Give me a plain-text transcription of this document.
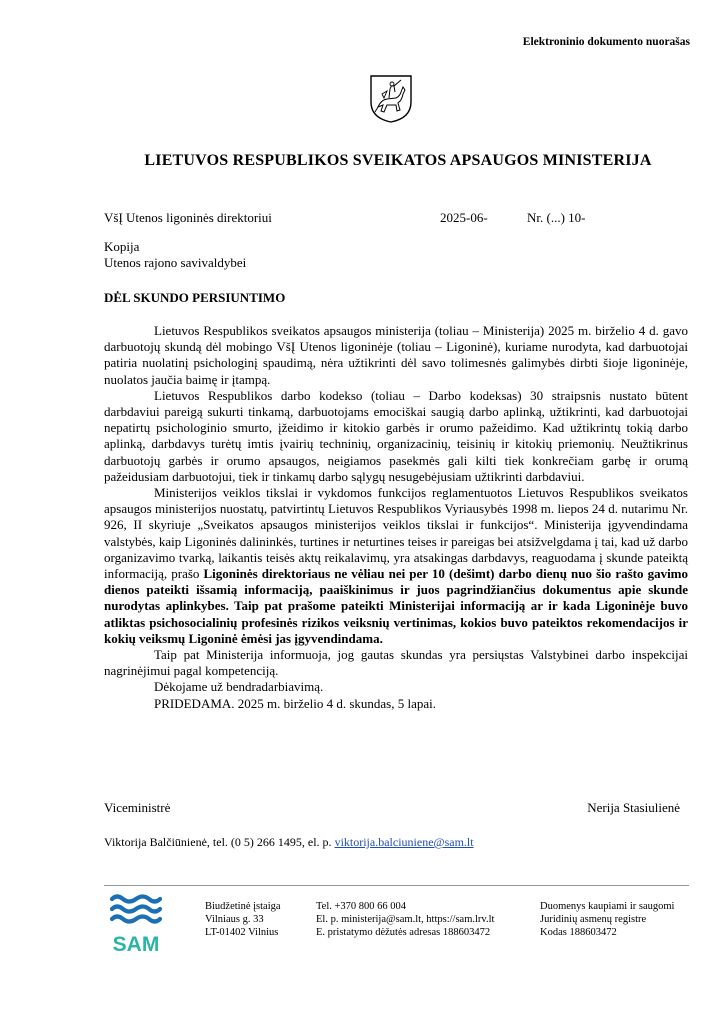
Elektroninio dokumento nuorašas
LIETUVOS RESPUBLIKOS SVEIKATOS APSAUGOS MINISTERIJA
VšĮ Utenos ligoninės direktoriui	2025-06-	Nr. (...) 10-
Kopija
Utenos rajono savivaldybei
DĖL SKUNDO PERSIUNTIMO

Lietuvos Respublikos sveikatos apsaugos ministerija (toliau – Ministerija) 2025 m. birželio 4 d. gavo darbuotojų skundą dėl mobingo VšĮ Utenos ligoninėje (toliau – Ligoninė), kuriame nurodyta, kad darbuotojai patiria nuolatinį psichologinį spaudimą, nėra užtikrinti dėl savo tolimesnės galimybės dirbti šioje ligoninėje, nuolatos jaučia baimę ir įtampą.

Lietuvos Respublikos darbo kodekso (toliau – Darbo kodeksas) 30 straipsnis nustato būtent darbdaviui pareigą sukurti tinkamą, darbuotojams emociškai saugią darbo aplinką, užtikrinti, kad darbuotojai nepatirtų psichologinio smurto, įžeidimo ir kitokio garbės ir orumo pažeidimo. Kad užtikrintų tokią darbo aplinką, darbdavys turėtų imtis įvairių techninių, organizacinių, teisinių ir kitokių priemonių. Neužtikrinus darbuotojų garbės ir orumo apsaugos, neigiamos pasekmės gali kilti tiek konkrečiam garbę ir orumą pažeidusiam darbuotojui, tiek ir tinkamų darbo sąlygų nesugebėjusiam užtikrinti darbdaviui.

Ministerijos veiklos tikslai ir vykdomos funkcijos reglamentuotos Lietuvos Respublikos sveikatos apsaugos ministerijos nuostatų, patvirtintų Lietuvos Respublikos Vyriausybės 1998 m. liepos 24 d. nutarimu Nr. 926, II skyriuje „Sveikatos apsaugos ministerijos veiklos tikslai ir funkcijos“. Ministerija įgyvendindama valstybės, kaip Ligoninės dalininkės, turtines ir neturtines teises ir pareigas bei atsižvelgdama į tai, kad už darbo organizavimo tvarką, laikantis teisės aktų reikalavimų, yra atsakingas darbdavys, reaguodama į skunde pateiktą informaciją, prašo Ligoninės direktoriaus ne vėliau nei per 10 (dešimt) darbo dienų nuo šio rašto gavimo dienos pateikti išsamią informaciją, paaiškinimus ir juos pagrindžiančius dokumentus apie skunde nurodytas aplinkybes. Taip pat prašome pateikti Ministerijai informaciją ar ir kada Ligoninėje buvo atliktas psichosocialinių profesinės rizikos veiksnių vertinimas, kokios buvo pateiktos rekomendacijos ir kokių veiksmų Ligoninė ėmėsi jas įgyvendindama.

Taip pat Ministerija informuoja, jog gautas skundas yra persiųstas Valstybinei darbo inspekcijai nagrinėjimui pagal kompetenciją.

Dėkojame už bendradarbiavimą.

PRIDEDAMA. 2025 m. birželio 4 d. skundas, 5 lapai.

Viceministrė	Nerija Stasiulienė
Viktorija Balčiūnienė, tel. (0 5) 266 1495, el. p. viktorija.balciuniene@sam.lt
SAM
Biudžetinė įstaiga
Vilniaus g. 33
LT-01402 Vilnius
Tel. +370 800 66 004
El. p. ministerija@sam.lt, https://sam.lrv.lt
E. pristatymo dėžutės adresas 188603472
Duomenys kaupiami ir saugomi
Juridinių asmenų registre
Kodas 188603472
